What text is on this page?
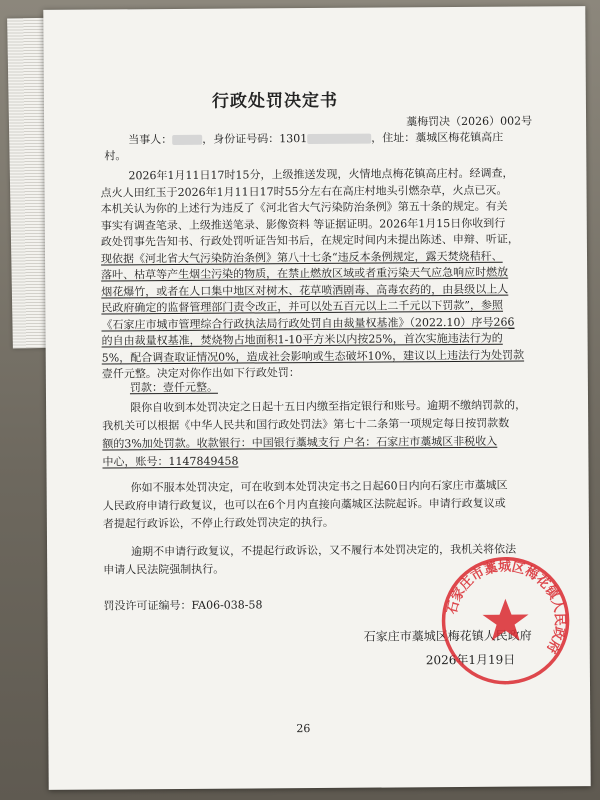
行政处罚决定书
藁梅罚决（2026）002号
当事人：	，身份证号码：1301	，住址：藁城区梅花镇高庄
村。
2026年1月11日17时15分，上级推送发现，火情地点梅花镇高庄村。经调查，
点火人田红玉于2026年1月11日17时55分左右在高庄村地头引燃杂草，火点已灭。
本机关认为你的上述行为违反了《河北省大气污染防治条例》第五十条的规定。有关
事实有调查笔录、上级推送笔录、影像资料 等证据证明。2026年1月15日你收到行
政处罚事先告知书、行政处罚听证告知书后，在规定时间内未提出陈述、申辩、听证，
现依据《河北省大气污染防治条例》第八十七条“违反本条例规定，露天焚烧秸秆、
落叶、枯草等产生烟尘污染的物质，在禁止燃放区域或者重污染天气应急响应时燃放
烟花爆竹，或者在人口集中地区对树木、花草喷洒剧毒、高毒农药的，由县级以上人
民政府确定的监督管理部门责令改正，并可以处五百元以上二千元以下罚款”，参照
《石家庄市城市管理综合行政执法局行政处罚自由裁量权基准》（2022.10）序号266
的自由裁量权基准，焚烧物占地面积1-10平方米以内按25%，首次实施违法行为的
5%，配合调查取证情况0%，造成社会影响或生态破坏10%，建议以上违法行为处罚款
壹仟元整。决定对你作出如下行政处罚：
罚款：壹仟元整。
限你自收到本处罚决定之日起十五日内缴至指定银行和账号。逾期不缴纳罚款的，
我机关可以根据《中华人民共和国行政处罚法》第七十二条第一项规定每日按罚款数
额的3%加处罚款。收款银行：中国银行藁城支行 户名：石家庄市藁城区非税收入
中心，账号：1147849458
你如不服本处罚决定，可在收到本处罚决定书之日起60日内向石家庄市藁城区
人民政府申请行政复议，也可以在6个月内直接向藁城区法院起诉。申请行政复议或
者提起行政诉讼，不停止行政处罚决定的执行。
逾期不申请行政复议，不提起行政诉讼，又不履行本处罚决定的，我机关将依法
申请人民法院强制执行。
罚没许可证编号：FA06-038-58
石家庄市藁城区梅花镇人民政府
2026年1月19日
石家庄市藁城区梅花镇人民政府
26
